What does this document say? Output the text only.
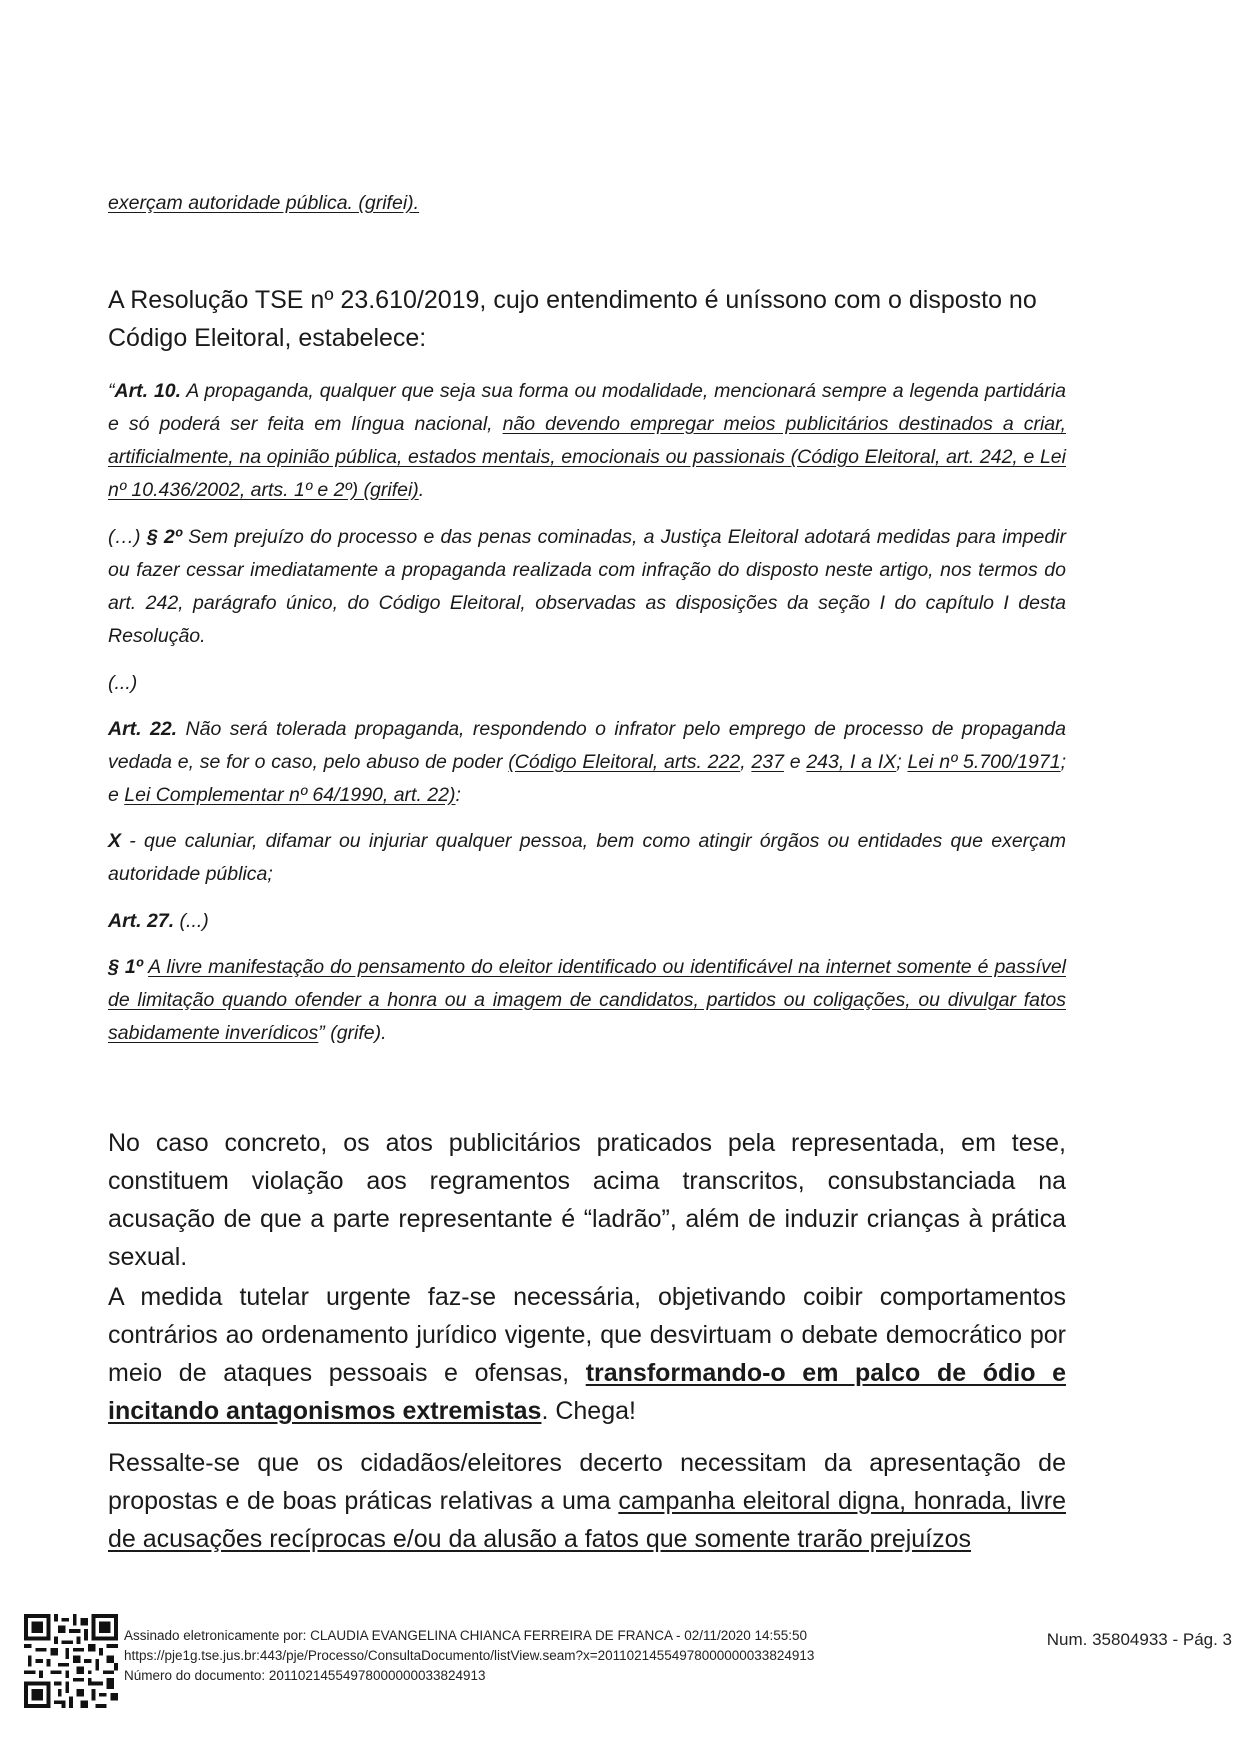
exerçam autoridade pública. (grifei).

A Resolução TSE nº 23.610/2019, cujo entendimento é uníssono com o disposto no
Código Eleitoral, estabelece:

“Art. 10. A propaganda, qualquer que seja sua forma ou modalidade, mencionará sempre a legenda partidária e só poderá ser feita em língua nacional, não devendo empregar meios publicitários destinados a criar, artificialmente, na opinião pública, estados mentais, emocionais ou passionais (Código Eleitoral, art. 242, e Lei nº 10.436/2002, arts. 1º e 2º) (grifei).

(…) § 2º Sem prejuízo do processo e das penas cominadas, a Justiça Eleitoral adotará medidas para impedir ou fazer cessar imediatamente a propaganda realizada com infração do disposto neste artigo, nos termos do art. 242, parágrafo único, do Código Eleitoral, observadas as disposições da seção I do capítulo I desta Resolução.

(...)

Art. 22. Não será tolerada propaganda, respondendo o infrator pelo emprego de processo de propaganda vedada e, se for o caso, pelo abuso de poder (Código Eleitoral, arts. 222, 237 e 243, I a IX; Lei nº 5.700/1971; e Lei Complementar nº 64/1990, art. 22):

X - que caluniar, difamar ou injuriar qualquer pessoa, bem como atingir órgãos ou entidades que exerçam autoridade pública;

Art. 27. (...)

§ 1º A livre manifestação do pensamento do eleitor identificado ou identificável na internet somente é passível de limitação quando ofender a honra ou a imagem de candidatos, partidos ou coligações, ou divulgar fatos sabidamente inverídicos” (grife).

No caso concreto, os atos publicitários praticados pela representada, em tese, constituem violação aos regramentos acima transcritos, consubstanciada na acusação de que a parte representante é “ladrão”, além de induzir crianças à prática sexual.

A medida tutelar urgente faz-se necessária, objetivando coibir comportamentos contrários ao ordenamento jurídico vigente, que desvirtuam o debate democrático por meio de ataques pessoais e ofensas, transformando-o em palco de ódio e incitando antagonismos extremistas. Chega!

Ressalte-se que os cidadãos/eleitores decerto necessitam da apresentação de propostas e de boas práticas relativas a uma campanha eleitoral digna, honrada, livre de acusações recíprocas e/ou da alusão a fatos que somente trarão prejuízos

Assinado eletronicamente por: CLAUDIA EVANGELINA CHIANCA FERREIRA DE FRANCA - 02/11/2020 14:55:50
https://pje1g.tse.jus.br:443/pje/Processo/ConsultaDocumento/listView.seam?x=20110214554978000000033824913
Número do documento: 20110214554978000000033824913
Num. 35804933 - Pág. 3
